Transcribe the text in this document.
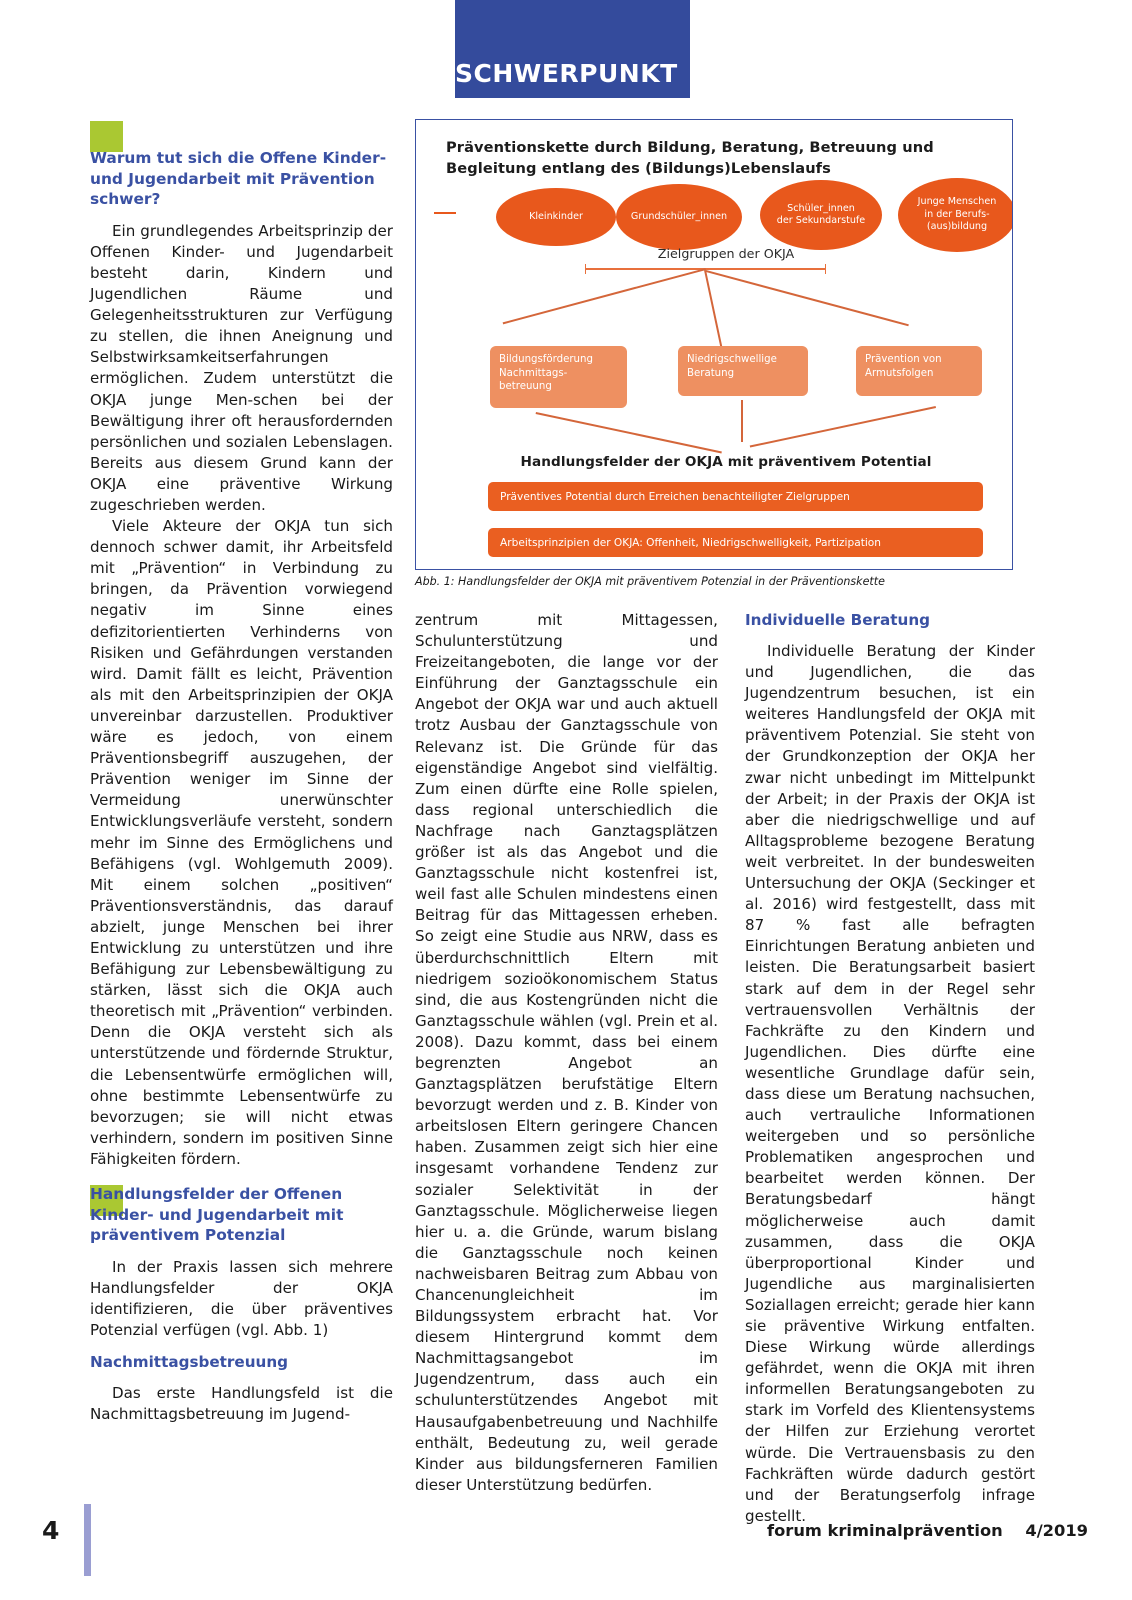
SCHWERPUNKT
Warum tut sich die Offene Kinder- und Jugendarbeit mit Prävention schwer?

Ein grundlegendes Arbeitsprinzip der Offenen Kinder- und Jugendarbeit besteht darin, Kindern und Jugendlichen Räume und Gelegenheitsstrukturen zur Verfügung zu stellen, die ihnen Aneignung und Selbstwirksamkeitserfahrungen ermöglichen. Zudem unterstützt die OKJA junge Men-schen bei der Bewältigung ihrer oft herausfordernden persönlichen und sozialen Lebenslagen. Bereits aus diesem Grund kann der OKJA eine präventive Wirkung zugeschrieben werden.

Viele Akteure der OKJA tun sich dennoch schwer damit, ihr Arbeitsfeld mit „Prävention“ in Verbindung zu bringen, da Prävention vorwiegend negativ im Sinne eines defizitorientierten Verhinderns von Risiken und Gefährdungen verstanden wird. Damit fällt es leicht, Prävention als mit den Arbeitsprinzipien der OKJA unvereinbar darzustellen. Produktiver wäre es jedoch, von einem Präventionsbegriff auszugehen, der Prävention weniger im Sinne der Vermeidung unerwünschter Entwicklungsverläufe versteht, sondern mehr im Sinne des Ermöglichens und Befähigens (vgl. Wohlgemuth 2009). Mit einem solchen „positiven“ Präventionsverständnis, das darauf abzielt, junge Menschen bei ihrer Entwicklung zu unterstützen und ihre Befähigung zur Lebensbewältigung zu stärken, lässt sich die OKJA auch theoretisch mit „Prävention“ verbinden. Denn die OKJA versteht sich als unterstützende und fördernde Struktur, die Lebensentwürfe ermöglichen will, ohne bestimmte Lebensentwürfe zu bevorzugen; sie will nicht etwas verhindern, sondern im positiven Sinne Fähigkeiten fördern.

Handlungsfelder der Offenen Kinder- und Jugendarbeit mit präventivem Potenzial

In der Praxis lassen sich mehrere Handlungsfelder der OKJA identifizieren, die über präventives Potenzial verfügen (vgl. Abb. 1)

Nachmittagsbetreuung

Das erste Handlungsfeld ist die Nachmittagsbetreuung im Jugend-

Präventionskette durch Bildung, Beratung, Betreuung und Begleitung entlang des (Bildungs)Lebenslaufs
Kleinkinder	Grundschüler_innen
Schüler_innen
der Sekundarstufe
Junge Menschen
in der Berufs-
(aus)bildung
Zielgruppen der OKJA
Bildungsförderung
Nachmittags-
betreuung
Niedrigschwellige
Beratung
Prävention von
Armutsfolgen
Handlungsfelder der OKJA mit präventivem Potential
Präventives Potential durch Erreichen benachteiligter Zielgruppen
Arbeitsprinzipien der OKJA: Offenheit, Niedrigschwelligkeit, Partizipation
Abb. 1: Handlungsfelder der OKJA mit präventivem Potenzial in der Präventionskette

zentrum mit Mittagessen, Schulunterstützung und Freizeitangeboten, die lange vor der Einführung der Ganztagsschule ein Angebot der OKJA war und auch aktuell trotz Ausbau der Ganztagsschule von Relevanz ist. Die Gründe für das eigenständige Angebot sind vielfältig. Zum einen dürfte eine Rolle spielen, dass regional unterschiedlich die Nachfrage nach Ganztagsplätzen größer ist als das Angebot und die Ganztagsschule nicht kostenfrei ist, weil fast alle Schulen mindestens einen Beitrag für das Mittagessen erheben. So zeigt eine Studie aus NRW, dass es überdurchschnittlich Eltern mit niedrigem sozioökonomischem Status sind, die aus Kostengründen nicht die Ganztagsschule wählen (vgl. Prein et al. 2008). Dazu kommt, dass bei einem begrenzten Angebot an Ganztagsplätzen berufstätige Eltern bevorzugt werden und z. B. Kinder von arbeitslosen Eltern geringere Chancen haben. Zusammen zeigt sich hier eine insgesamt vorhandene Tendenz zur sozialer Selektivität in der Ganztagsschule. Möglicherweise liegen hier u. a. die Gründe, warum bislang die Ganztagsschule noch keinen nachweisbaren Beitrag zum Abbau von Chancenungleichheit im Bildungssystem erbracht hat. Vor diesem Hintergrund kommt dem Nachmittagsangebot im Jugendzentrum, dass auch ein schulunterstützendes Angebot mit Hausaufgabenbetreuung und Nachhilfe enthält, Bedeutung zu, weil gerade Kinder aus bildungsferneren Familien dieser Unterstützung bedürfen.

Individuelle Beratung

Individuelle Beratung der Kinder und Jugendlichen, die das Jugendzentrum besuchen, ist ein weiteres Handlungsfeld der OKJA mit präventivem Potenzial. Sie steht von der Grundkonzeption der OKJA her zwar nicht unbedingt im Mittelpunkt der Arbeit; in der Praxis der OKJA ist aber die niedrigschwellige und auf Alltagsprobleme bezogene Beratung weit verbreitet. In der bundesweiten Untersuchung der OKJA (Seckinger et al. 2016) wird festgestellt, dass mit 87 % fast alle befragten Einrichtungen Beratung anbieten und leisten. Die Beratungsarbeit basiert stark auf dem in der Regel sehr vertrauensvollen Verhältnis der Fachkräfte zu den Kindern und Jugendlichen. Dies dürfte eine wesentliche Grundlage dafür sein, dass diese um Beratung nachsuchen, auch vertrauliche Informationen weitergeben und so persönliche Problematiken angesprochen und bearbeitet werden können. Der Beratungsbedarf hängt möglicherweise auch damit zusammen, dass die OKJA überproportional Kinder und Jugendliche aus marginalisierten Soziallagen erreicht; gerade hier kann sie präventive Wirkung entfalten. Diese Wirkung würde allerdings gefährdet, wenn die OKJA mit ihren informellen Beratungsangeboten zu stark im Vorfeld des Klientensystems der Hilfen zur Erziehung verortet würde. Die Vertrauensbasis zu den Fachkräften würde dadurch gestört und der Beratungserfolg infrage gestellt.

4	forum kriminalprävention    4/2019
